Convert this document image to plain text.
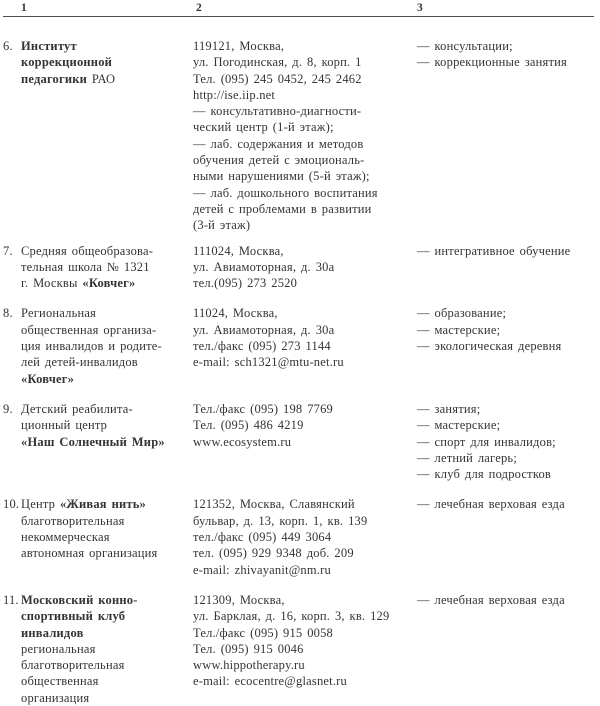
1	2	3
6. Институт
коррекционной
педагогики РАО
119121, Москва,
ул. Погодинская, д. 8, корп. 1
Тел. (095) 245 0452, 245 2462
http://ise.iip.net
— консультативно-диагности-
ческий центр (1-й этаж);
— лаб. содержания и методов
обучения детей с эмоциональ-
ными нарушениями (5-й этаж);
— лаб. дошкольного воспитания
детей с проблемами в развитии
(3-й этаж)
— консультации;
— коррекционные занятия
7. Средняя общеобразова-
тельная школа № 1321
г. Москвы «Ковчег»
111024, Москва,
ул. Авиамоторная, д. 30а
тел.(095) 273 2520
— интегративное обучение
8. Региональная
общественная организа-
ция инвалидов и родите-
лей детей-инвалидов
«Ковчег»
11024, Москва,
ул. Авиамоторная, д. 30а
тел./факс (095) 273 1144
e-mail: sch1321@mtu-net.ru
— образование;
— мастерские;
— экологическая деревня
9. Детский реабилита-
ционный центр
«Наш Солнечный Мир»
Тел./факс (095) 198 7769
Тел. (095) 486 4219
www.ecosystem.ru
— занятия;
— мастерские;
— спорт для инвалидов;
— летний лагерь;
— клуб для подростков
10. Центр «Живая нить»
благотворительная
некоммерческая
автономная организация
121352, Москва, Славянский
бульвар, д. 13, корп. 1, кв. 139
тел./факс (095) 449 3064
тел. (095) 929 9348 доб. 209
e-mail: zhivayanit@nm.ru
— лечебная верховая езда
11. Московский конно-
спортивный клуб
инвалидов
региональная
благотворительная
общественная
организация
121309, Москва,
ул. Барклая, д. 16, корп. 3, кв. 129
Тел./факс (095) 915 0058
Тел. (095) 915 0046
www.hippotherapy.ru
e-mail: ecocentre@glasnet.ru
— лечебная верховая езда
